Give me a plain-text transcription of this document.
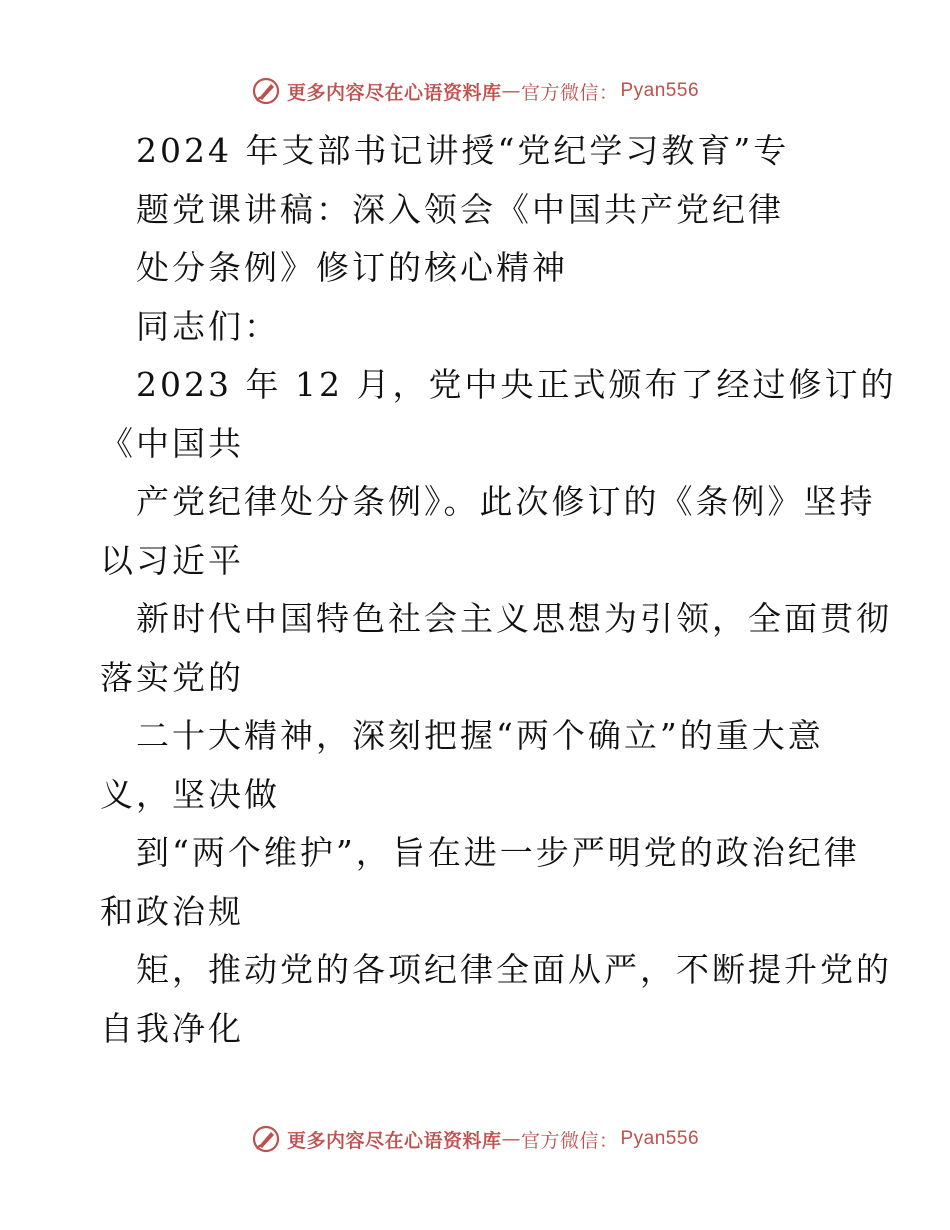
更多内容尽在心语资料库 — 官方微信： Pyan556
2024 年支部书记讲授“党纪学习教育”专
题党课讲稿：深入领会《中国共产党纪律
处分条例》修订的核心精神
同志们：
2023 年 12 月，党中央正式颁布了经过修订的
《中国共
产党纪律处分条例》。此次修订的《条例》坚持
以习近平
新时代中国特色社会主义思想为引领，全面贯彻
落实党的
二十大精神，深刻把握“两个确立”的重大意
义，坚决做
到“两个维护”，旨在进一步严明党的政治纪律
和政治规
矩，推动党的各项纪律全面从严，不断提升党的
自我净化
更多内容尽在心语资料库 — 官方微信： Pyan556
